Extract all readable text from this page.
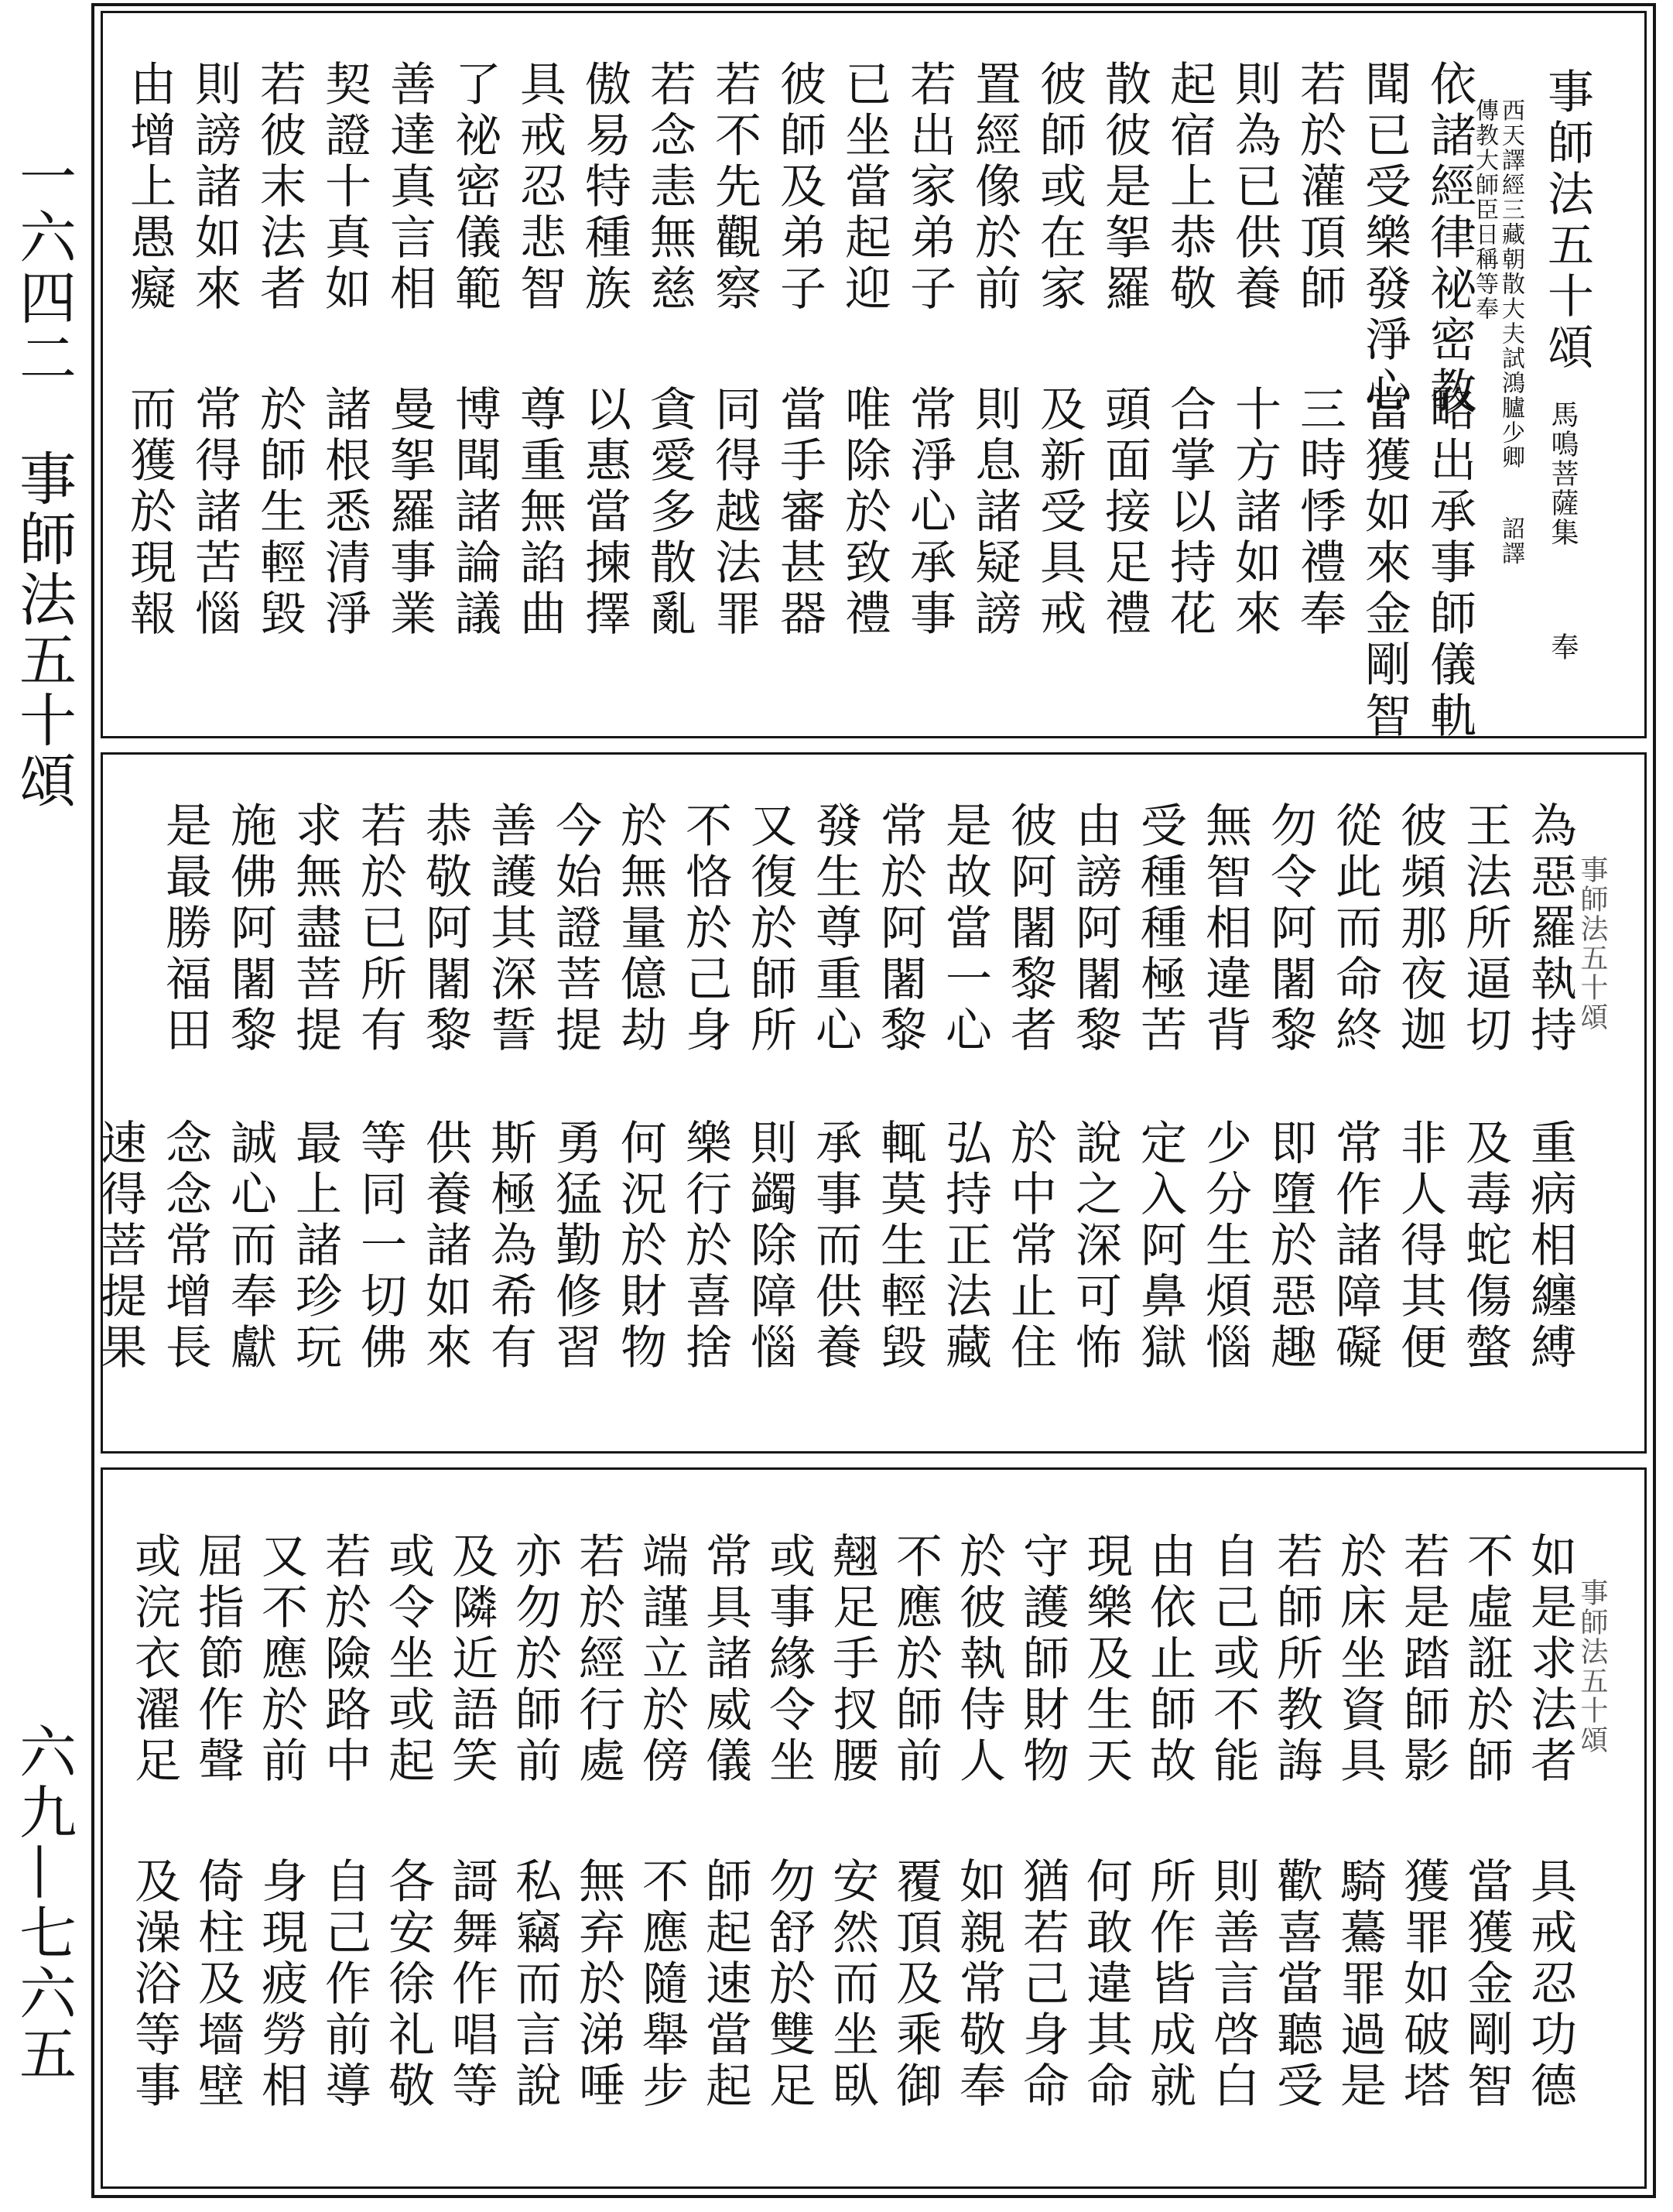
一六四二　事師法五十頌
六九—七六五
事師法五十頌
馬鳴菩薩集
奉
西天譯經三藏朝散大夫試鴻臚少卿
傳教大師臣日稱等奉
詔譯
依諸經律祕密教
聞已受樂發淨心
若於灌頂師
則為已供養
起宿上恭敬
散彼是挐羅
彼師或在家
置經像於前
若出家弟子
已坐當起迎
彼師及弟子
若不先觀察
若念恚無慈
傲易特種族
具戒忍悲智
了祕密儀範
善達真言相
契證十真如
若彼末法者
則謗諸如來
由增上愚癡
略出承事師儀軌
當獲如來金剛智
三時悸禮奉
十方諸如來
合掌以持花
頭面接足禮
及新受具戒
則息諸疑謗
常淨心承事
唯除於致禮
當手審甚器
同得越法罪
貪愛多散亂
以惠當揀擇
尊重無諂曲
博聞諸論議
曼挐羅事業
諸根悉清淨
於師生輕毀
常得諸苦惱
而獲於現報
事師法五十頌
為惡羅執持
王法所逼切
彼頻那夜迦
從此而命終
勿令阿闍黎
無智相違背
受種種極苦
由謗阿闍黎
彼阿闍黎者
是故當一心
常於阿闍黎
發生尊重心
又復於師所
不恪於己身
於無量億劫
今始證菩提
善護其深誓
恭敬阿闍黎
若於已所有
求無盡菩提
施佛阿闍黎
是最勝福田
重病相纏縛
及毒蛇傷螫
非人得其便
常作諸障礙
即墮於惡趣
少分生煩惱
定入阿鼻獄
說之深可怖
於中常止住
弘持正法藏
輒莫生輕毀
承事而供養
則蠲除障惱
樂行於喜捨
何況於財物
勇猛勤修習
斯極為希有
供養諸如來
等同一切佛
最上諸珍玩
誠心而奉獻
念念常增長
速得菩提果
事師法五十頌
如是求法者
不虛誑於師
若是踏師影
於床坐資具
若師所教誨
自己或不能
由依止師故
現樂及生天
守護師財物
於彼執侍人
不應於師前
翹足手扠腰
或事緣令坐
常具諸威儀
端謹立於傍
若於經行處
亦勿於師前
及隣近語笑
或令坐或起
若於險路中
又不應於前
屈指節作聲
或浣衣濯足
具戒忍功德
當獲金剛智
獲罪如破塔
騎驀罪過是
歡喜當聽受
則善言啓白
所作皆成就
何敢違其命
猶若己身命
如親常敬奉
覆頂及乘御
安然而坐臥
勿舒於雙足
師起速當起
不應隨舉步
無弃於涕唾
私竊而言說
謌舞作唱等
各安徐礼敬
自己作前導
身現疲勞相
倚柱及墻壁
及澡浴等事
